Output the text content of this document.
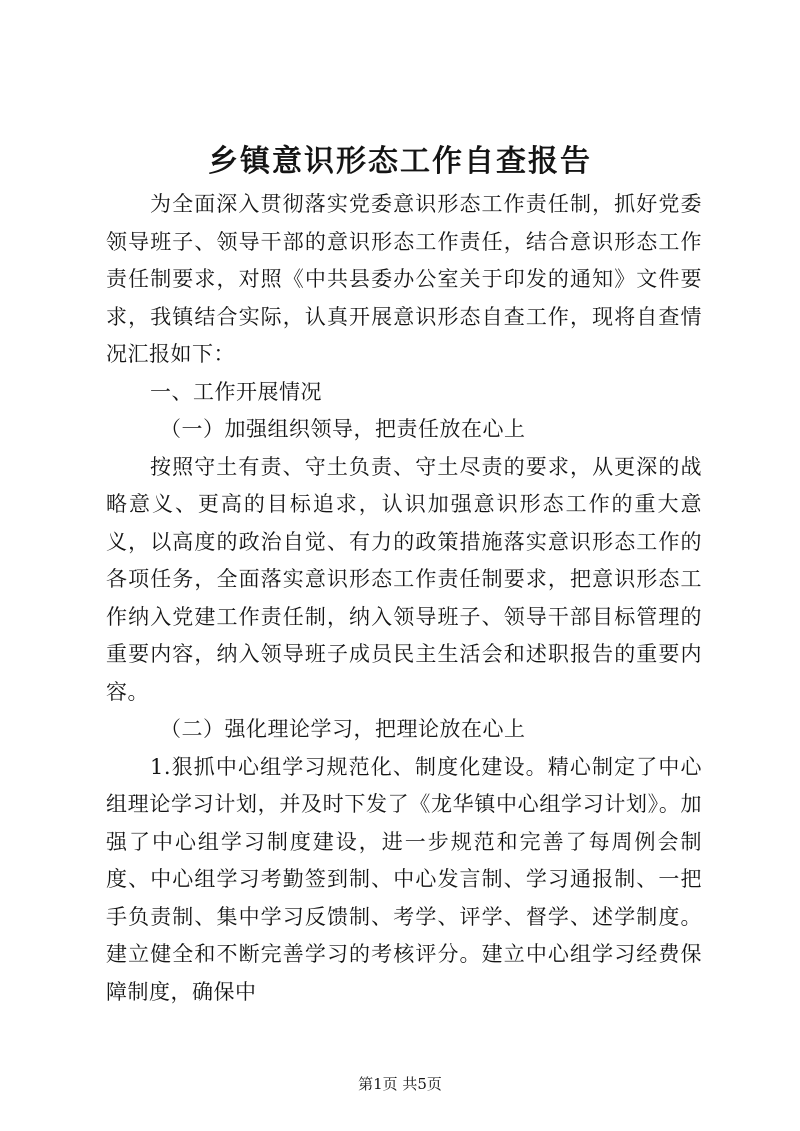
乡镇意识形态工作自查报告

为全面深入贯彻落实党委意识形态工作责任制，抓好党委领导班子、领导干部的意识形态工作责任，结合意识形态工作责任制要求，对照《中共县委办公室关于印发的通知》文件要求，我镇结合实际，认真开展意识形态自查工作，现将自查情况汇报如下：

一、工作开展情况

（一）加强组织领导，把责任放在心上

按照守土有责、守土负责、守土尽责的要求，从更深的战略意义、更高的目标追求，认识加强意识形态工作的重大意义，以高度的政治自觉、有力的政策措施落实意识形态工作的各项任务，全面落实意识形态工作责任制要求，把意识形态工作纳入党建工作责任制，纳入领导班子、领导干部目标管理的重要内容，纳入领导班子成员民主生活会和述职报告的重要内容。

（二）强化理论学习，把理论放在心上

1.狠抓中心组学习规范化、制度化建设。精心制定了中心组理论学习计划，并及时下发了《龙华镇中心组学习计划》。加强了中心组学习制度建设，进一步规范和完善了每周例会制度、中心组学习考勤签到制、中心发言制、学习通报制、一把手负责制、集中学习反馈制、考学、评学、督学、述学制度。建立健全和不断完善学习的考核评分。建立中心组学习经费保障制度，确保中

第1页 共5页
